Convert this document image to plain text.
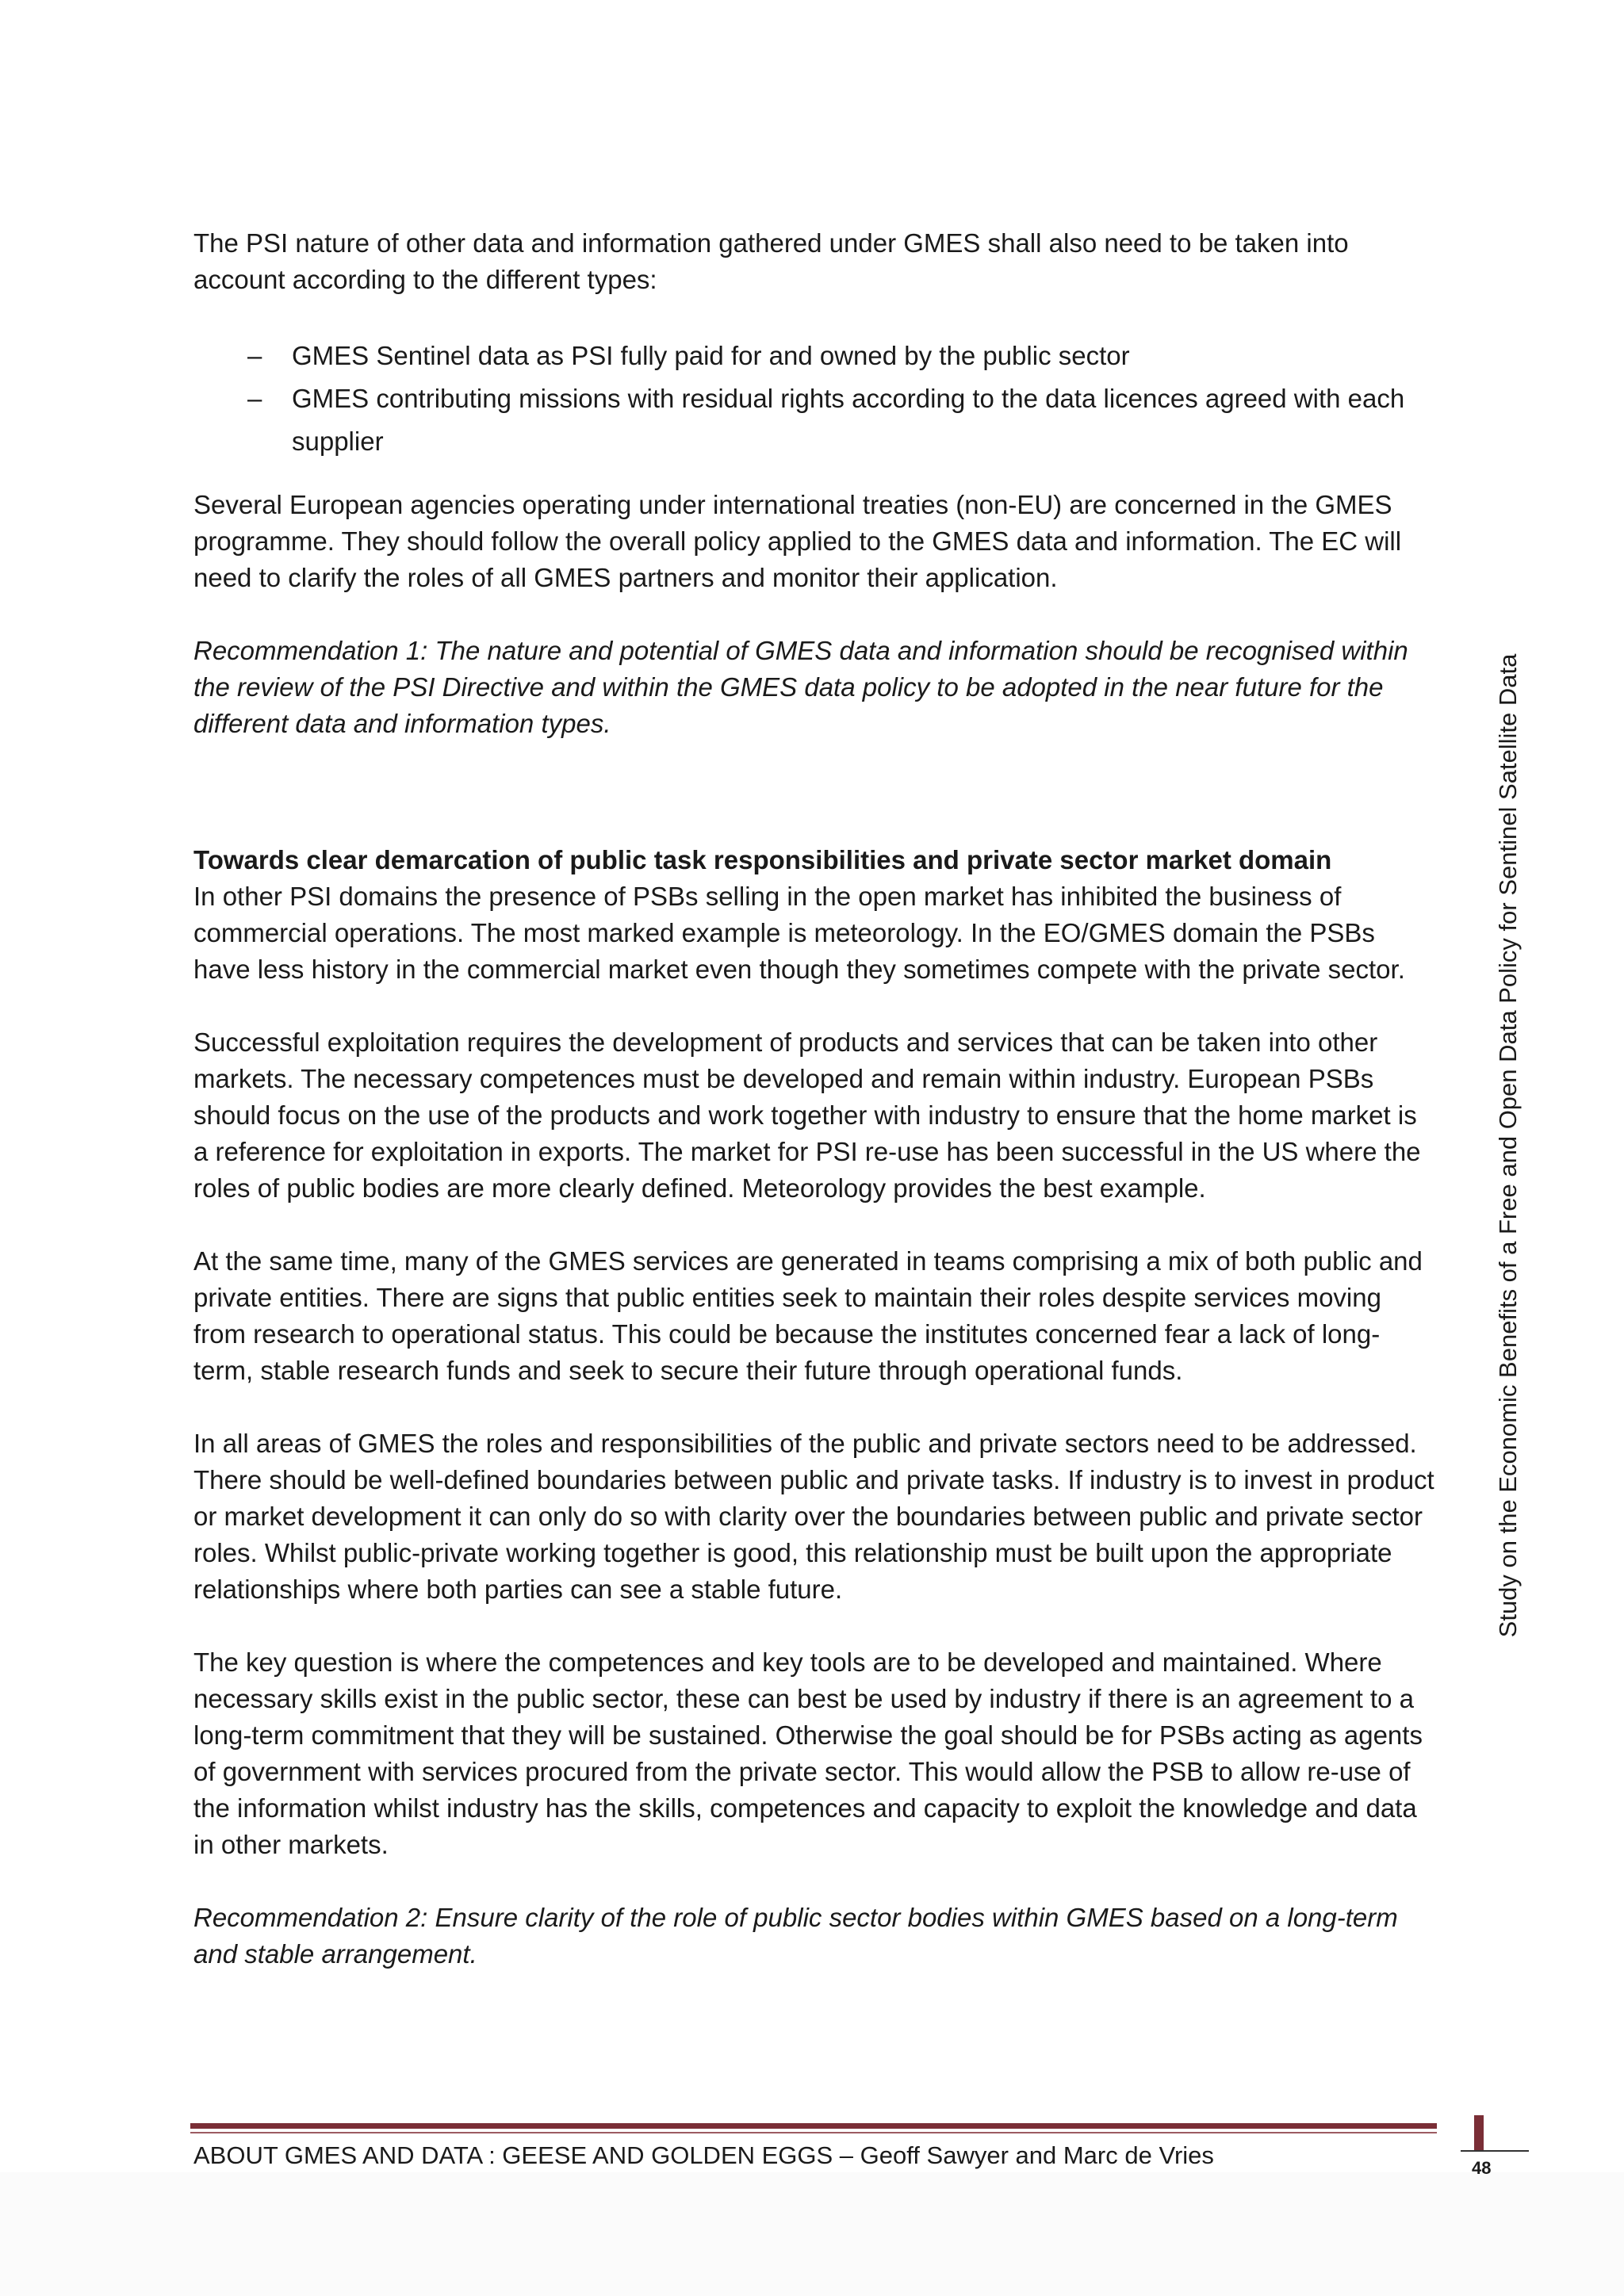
The PSI nature of other data and information gathered under GMES shall also need to be taken into account according to the different types:

– GMES Sentinel data as PSI fully paid for and owned by the public sector
– GMES contributing missions with residual rights according to the data licences agreed with each supplier

Several European agencies operating under international treaties (non-EU) are concerned in the GMES programme. They should follow the overall policy applied to the GMES data and information. The EC will need to clarify the roles of all GMES partners and monitor their application.

Recommendation 1: The nature and potential of GMES data and information should be recognised within the review of the PSI Directive and within the GMES data policy to be adopted in the near future for the different data and information types.

Towards clear demarcation of public task responsibilities and private sector market domain

In other PSI domains the presence of PSBs selling in the open market has inhibited the business of commercial operations. The most marked example is meteorology. In the EO/GMES domain the PSBs have less history in the commercial market even though they sometimes compete with the private sector.

Successful exploitation requires the development of products and services that can be taken into other markets. The necessary competences must be developed and remain within industry. European PSBs should focus on the use of the products and work together with industry to ensure that the home market is a reference for exploitation in exports. The market for PSI re-use has been successful in the US where the roles of public bodies are more clearly defined. Meteorology provides the best example.

At the same time, many of the GMES services are generated in teams comprising a mix of both public and private entities. There are signs that public entities seek to maintain their roles despite services moving from research to operational status. This could be because the institutes concerned fear a lack of long-term, stable research funds and seek to secure their future through operational funds.

In all areas of GMES the roles and responsibilities of the public and private sectors need to be addressed. There should be well-defined boundaries between public and private tasks. If industry is to invest in product or market development it can only do so with clarity over the boundaries between public and private sector roles. Whilst public-private working together is good, this relationship must be built upon the appropriate relationships where both parties can see a stable future.

The key question is where the competences and key tools are to be developed and maintained. Where necessary skills exist in the public sector, these can best be used by industry if there is an agreement to a long-term commitment that they will be sustained. Otherwise the goal should be for PSBs acting as agents of government with services procured from the private sector. This would allow the PSB to allow re-use of the information whilst industry has the skills, competences and capacity to exploit the knowledge and data in other markets.

Recommendation 2: Ensure clarity of the role of public sector bodies within GMES based on a long-term and stable arrangement.

ABOUT GMES AND DATA : GEESE AND GOLDEN EGGS – Geoff Sawyer and Marc de Vries
Study on the Economic Benefits of a Free and Open Data Policy for Sentinel Satellite Data
48
